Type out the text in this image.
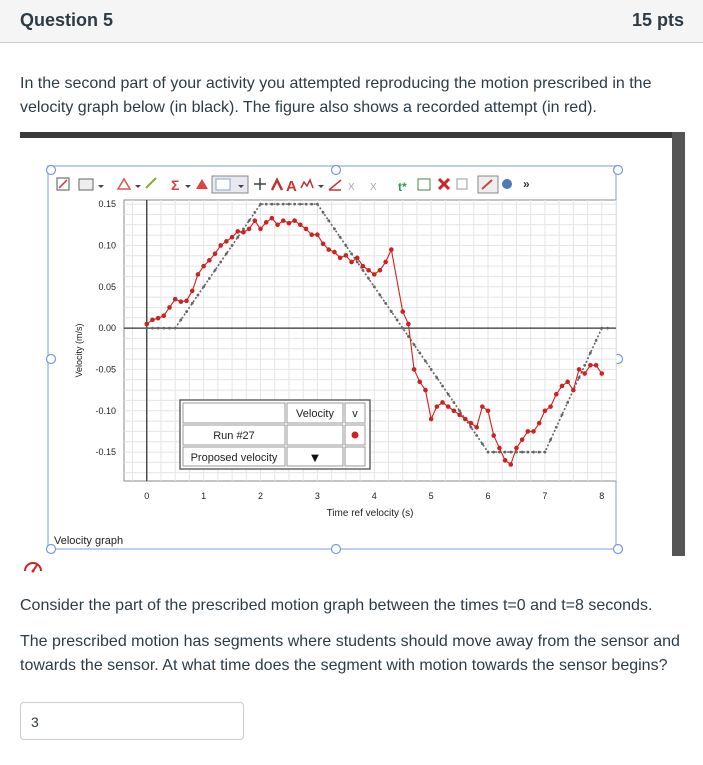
Question 5	15 pts
In the second part of your activity you attempted reproducing the motion prescribed in the velocity graph below (in black). The figure also shows a recorded attempt (in red).
Σ	A	X X t*	»
0	1	2	3	4	5	6	7	8
0.15
0.10
0.05
0.00
-0.05
-0.10
-0.15
Time ref velocity (s)
Velocity (m/s)
Velocity v
Run #27
Proposed velocity	▼
Velocity graph
Consider the part of the prescribed motion graph between the times t=0 and t=8 seconds.
The prescribed motion has segments where students should move away from the sensor and towards the sensor. At what time does the segment with motion towards the sensor begins?
3
